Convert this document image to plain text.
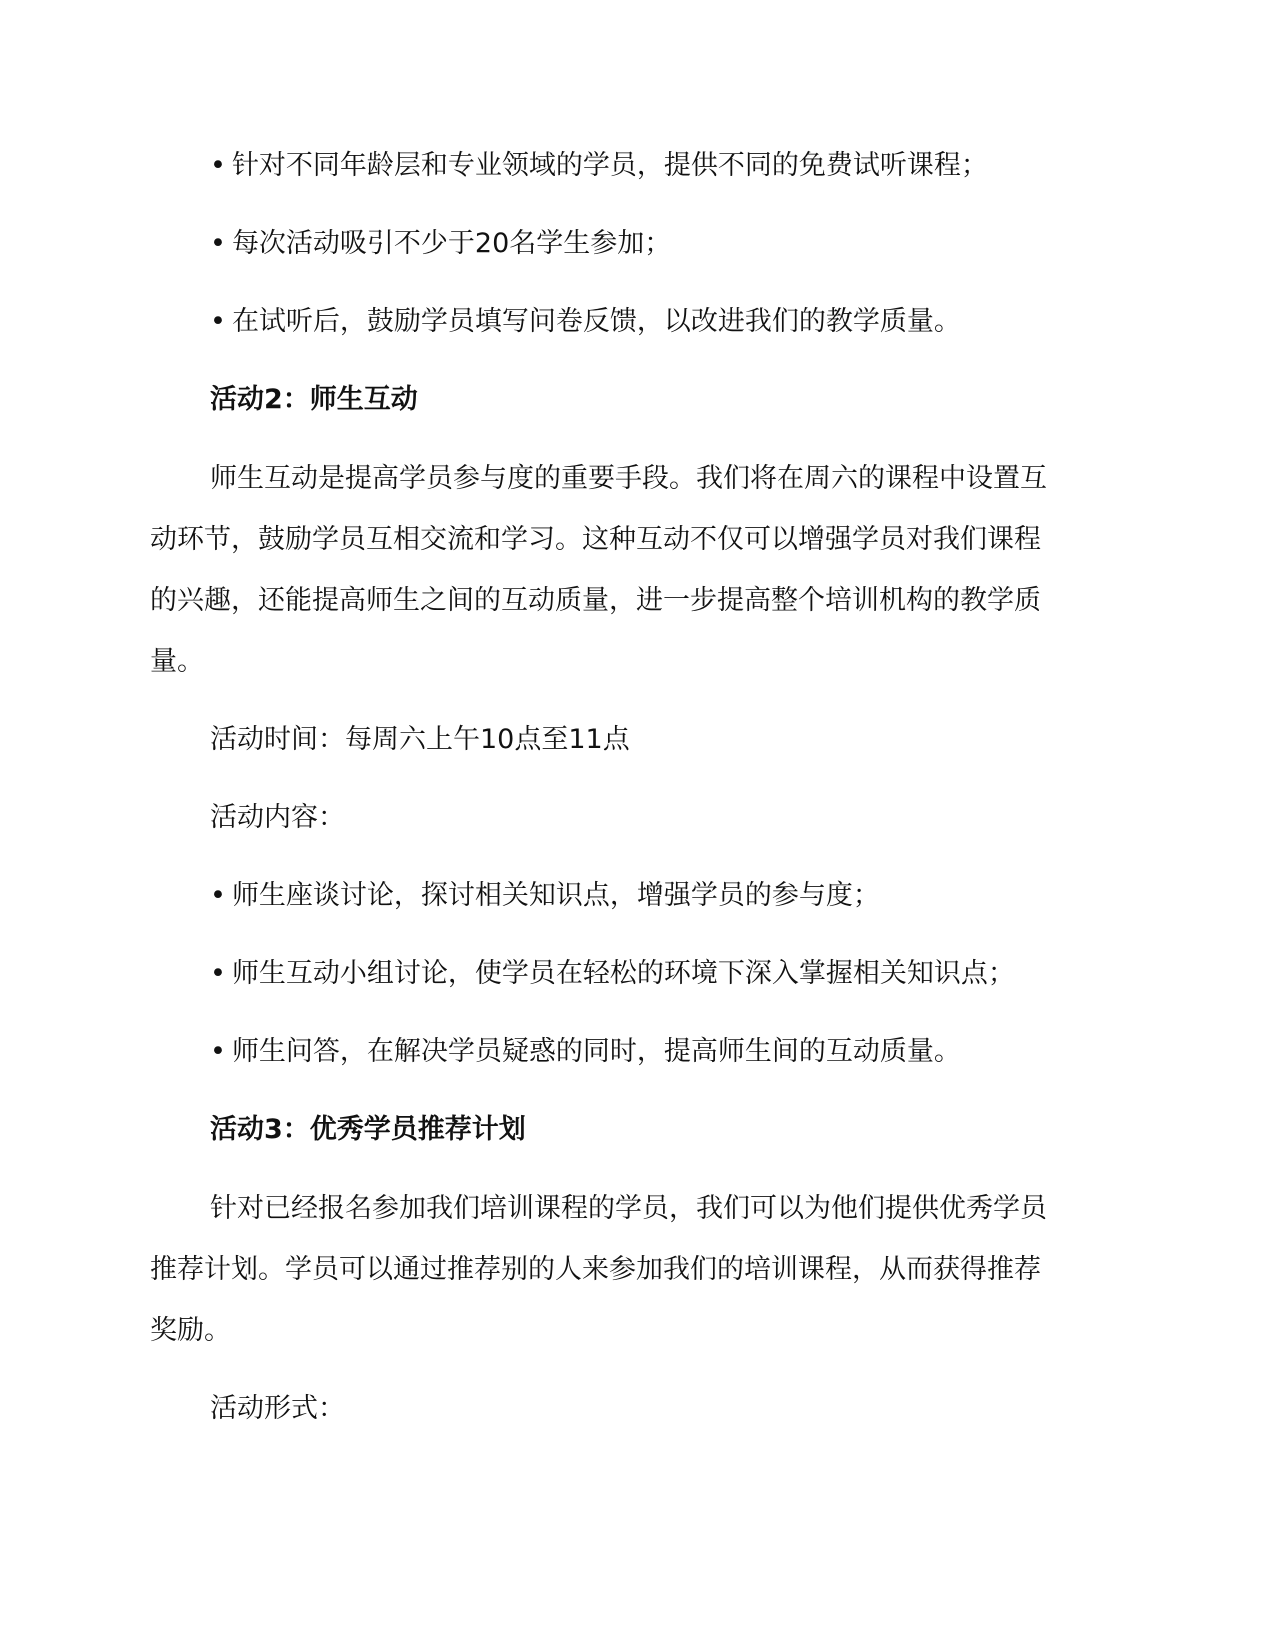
• 针对不同年龄层和专业领域的学员，提供不同的免费试听课程；
• 每次活动吸引不少于20名学生参加；
• 在试听后，鼓励学员填写问卷反馈，以改进我们的教学质量。
活动2：师生互动
师生互动是提高学员参与度的重要手段。我们将在周六的课程中设置互
动环节，鼓励学员互相交流和学习。这种互动不仅可以增强学员对我们课程
的兴趣，还能提高师生之间的互动质量，进一步提高整个培训机构的教学质
量。
活动时间：每周六上午10点至11点
活动内容：
• 师生座谈讨论，探讨相关知识点，增强学员的参与度；
• 师生互动小组讨论，使学员在轻松的环境下深入掌握相关知识点；
• 师生问答，在解决学员疑惑的同时，提高师生间的互动质量。
活动3：优秀学员推荐计划
针对已经报名参加我们培训课程的学员，我们可以为他们提供优秀学员
推荐计划。学员可以通过推荐别的人来参加我们的培训课程，从而获得推荐
奖励。
活动形式：
